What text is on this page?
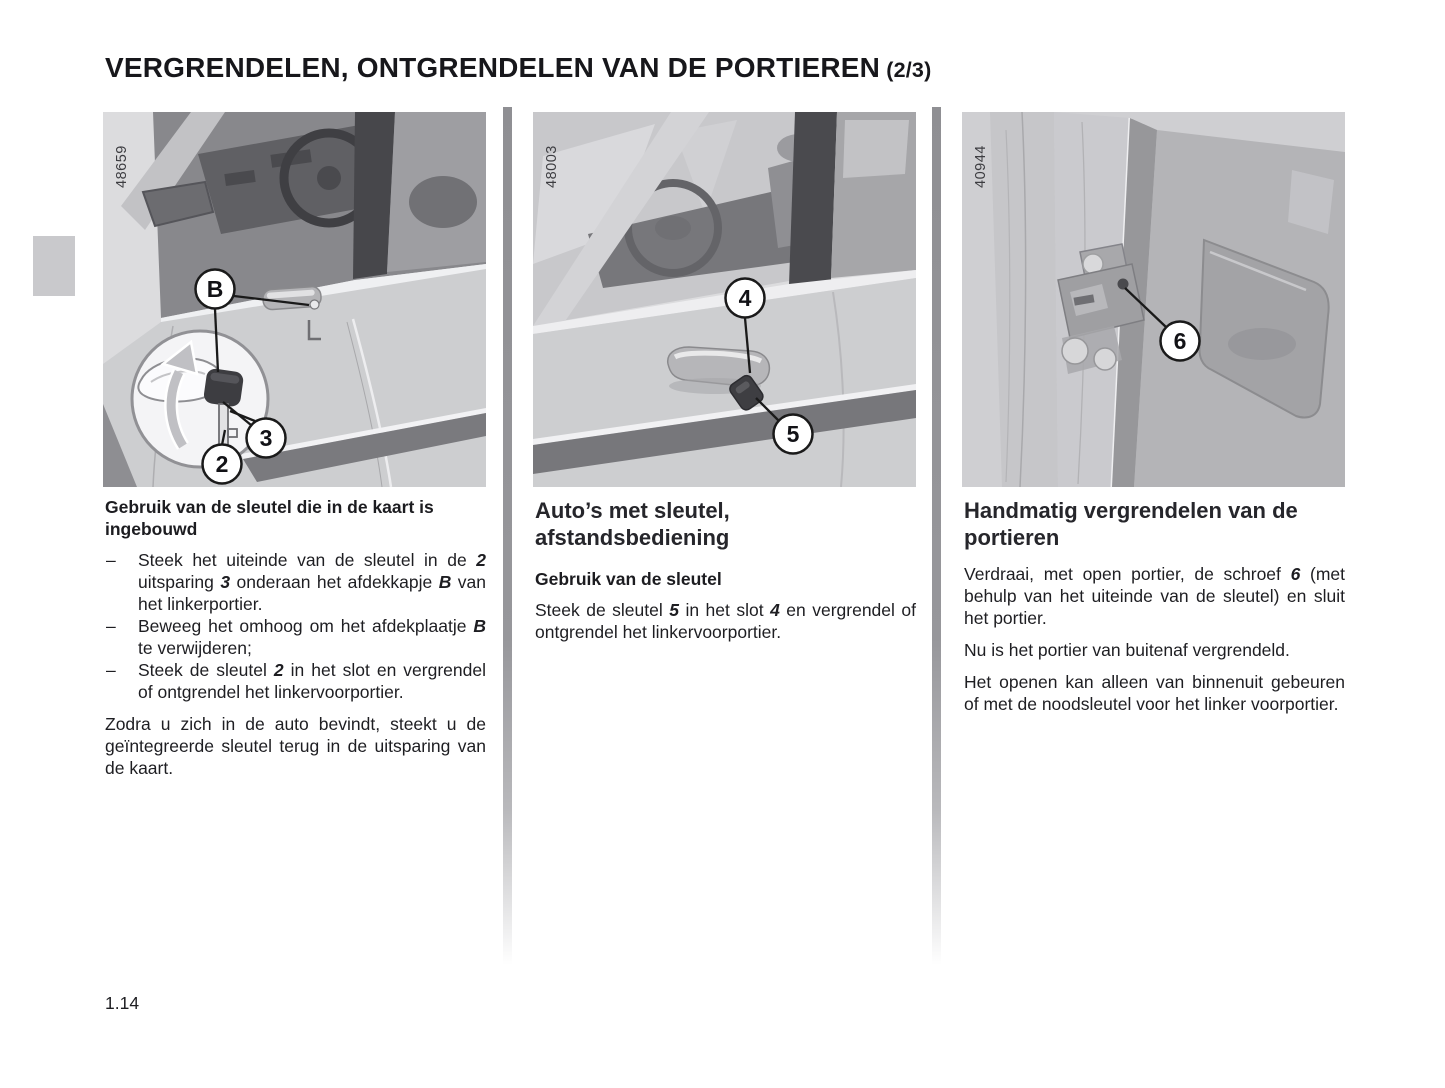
VERGRENDELEN, ONTGRENDELEN VAN DE PORTIEREN (2/3)
B
3
2
48659
Gebruik van de sleutel die in de kaart is ingebouwd
– Steek het uiteinde van de sleutel in de 2 uitsparing 3 onderaan het afdekkapje B van het linkerportier.
– Beweeg het omhoog om het afdekplaatje B te verwijderen;
– Steek de sleutel 2 in het slot en vergrendel of ontgrendel het linkervoorportier.

Zodra u zich in de auto bevindt, steekt u de geïntegreerde sleutel terug in de uitsparing van de kaart.

4
5
48003
Auto’s met sleutel, afstandsbediening
Gebruik van de sleutel

Steek de sleutel 5 in het slot 4 en vergrendel of ontgrendel het linkervoorportier.

6
40944
Handmatig vergrendelen van de portieren

Verdraai, met open portier, de schroef 6 (met behulp van het uiteinde van de sleutel) en sluit het portier.

Nu is het portier van buitenaf vergrendeld.

Het openen kan alleen van binnenuit gebeuren of met de noodsleutel voor het linker voorportier.

1.14
